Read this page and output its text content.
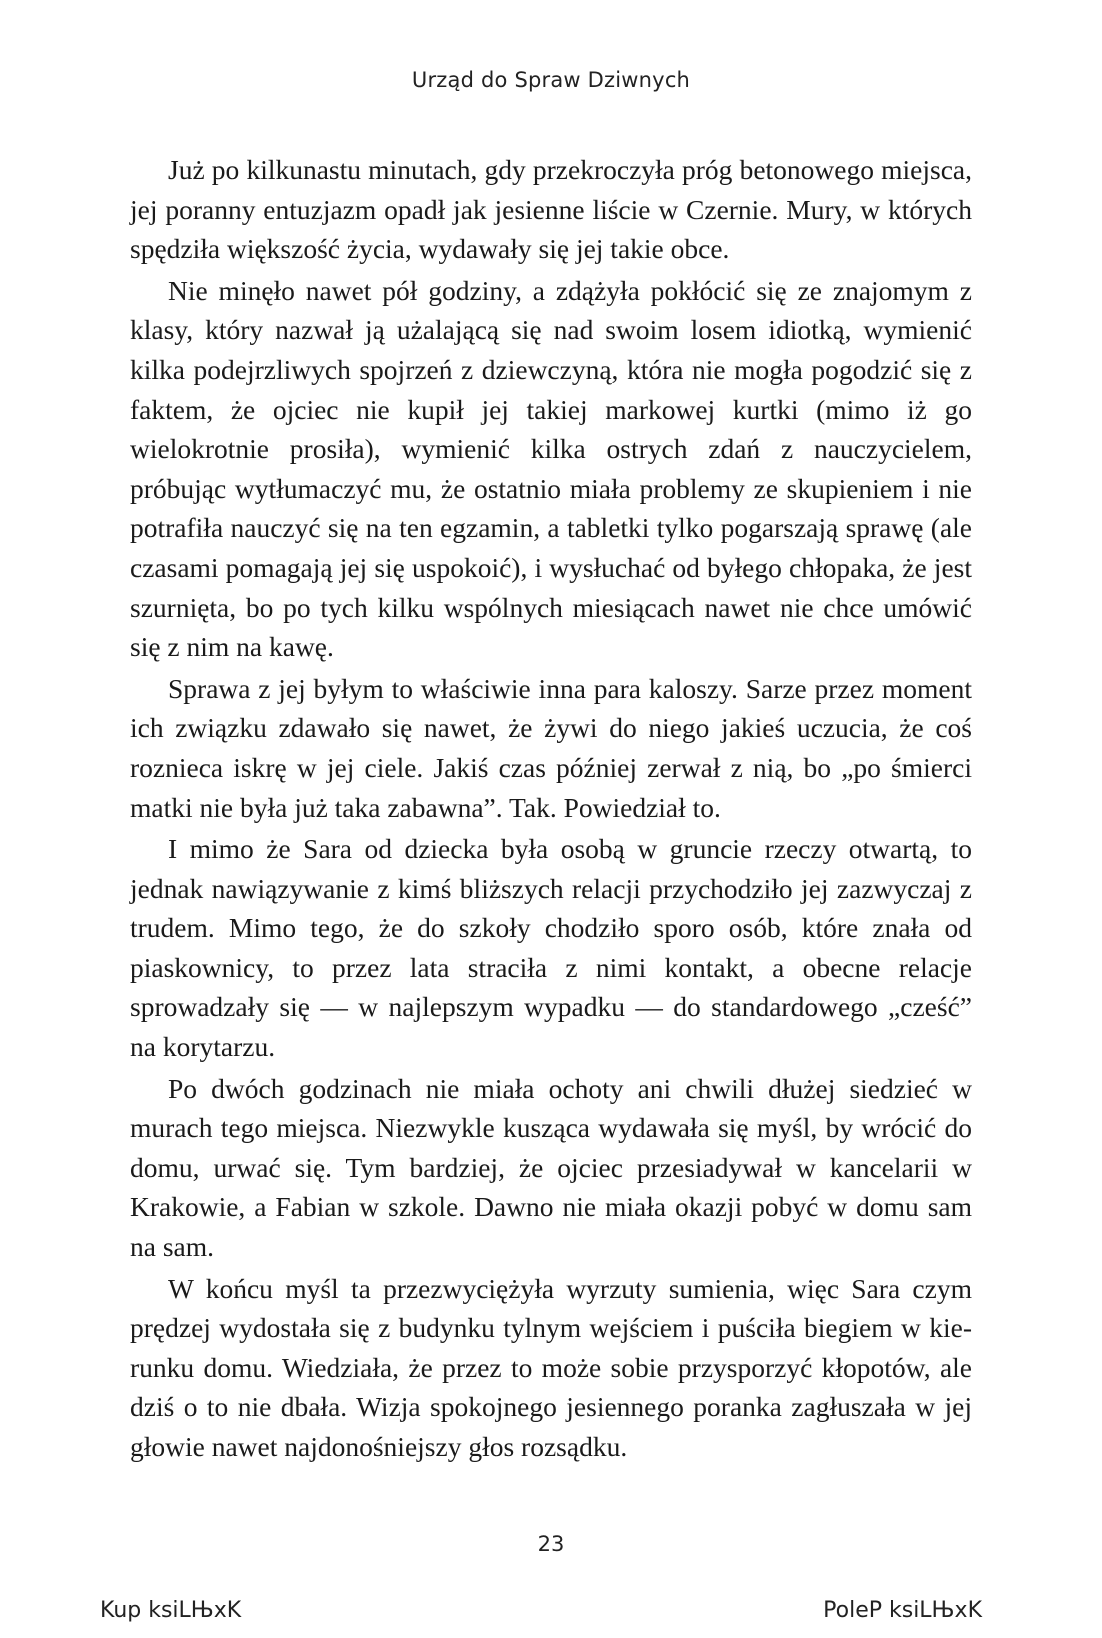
Urząd do Spraw Dziwnych

Już po kilkunastu minutach, gdy przekroczyła próg betonowego miejsca, jej poranny entuzjazm opadł jak jesienne liście w Czernie. Mury, w których spędziła większość życia, wydawały się jej takie obce.

Nie minęło nawet pół godziny, a zdążyła pokłócić się ze znajomym z klasy, który nazwał ją użalającą się nad swoim losem idiotką, wymienić kilka podejrzliwych spojrzeń z dziewczyną, która nie mogła pogodzić się z faktem, że ojciec nie kupił jej takiej markowej kurtki (mimo iż go wielokrotnie prosiła), wymienić kilka ostrych zdań z nauczycielem, próbując wytłumaczyć mu, że ostatnio miała problemy ze skupieniem i nie potrafiła nauczyć się na ten egzamin, a tabletki tylko pogarszają sprawę (ale czasami pomagają jej się uspokoić), i wysłuchać od byłego chłopaka, że jest szurnięta, bo po tych kilku wspólnych miesiącach nawet nie chce umówić się z nim na kawę.

Sprawa z jej byłym to właściwie inna para kaloszy. Sarze przez moment ich związku zdawało się nawet, że żywi do niego jakieś uczucia, że coś roznieca iskrę w jej ciele. Jakiś czas później zerwał z nią, bo „po śmierci matki nie była już taka zabawna”. Tak. Powiedział to.

I mimo że Sara od dziecka była osobą w gruncie rzeczy otwartą, to jednak nawiązywanie z kimś bliższych relacji przychodziło jej zazwyczaj z trudem. Mimo tego, że do szkoły chodziło sporo osób, które znała od piaskownicy, to przez lata straciła z nimi kontakt, a obecne relacje sprowadzały się — w najlepszym wypadku — do standardowego „cześć” na korytarzu.

Po dwóch godzinach nie miała ochoty ani chwili dłużej siedzieć w murach tego miejsca. Niezwykle kusząca wydawała się myśl, by wrócić do domu, urwać się. Tym bardziej, że ojciec przesiadywał w kancelarii w Krakowie, a Fabian w szkole. Dawno nie miała okazji pobyć w domu sam na sam.

W końcu myśl ta przezwyciężyła wyrzuty sumienia, więc Sara czym prędzej wydostała się z budynku tylnym wejściem i puściła biegiem w kierunku domu. Wiedziała, że przez to może sobie przysporzyć kłopotów, ale dziś o to nie dbała. Wizja spokojnego jesiennego poranka zagłuszała w jej głowie nawet najdonośniejszy głos rozsądku.

23
Kup ksiLЊxK	PoleP ksiLЊxK
